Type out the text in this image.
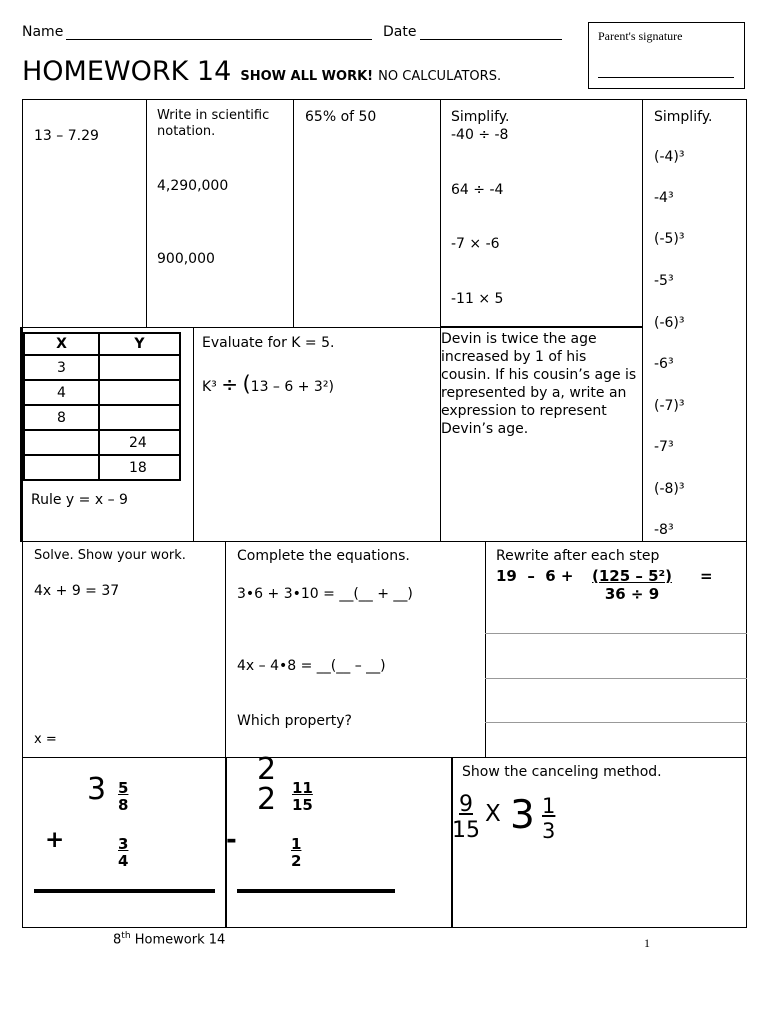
Name	Date
HOMEWORK 14 SHOW ALL WORK! NO CALCULATORS.
Parent's signature
13 – 7.29
Write in scientific notation.
4,290,000
900,000
65% of 50	Simplify.
-40 ÷ -8
64 ÷ -4
-7 × -6
-11 × 5
Simplify.
(-4)³
-4³
(-5)³
-5³
(-6)³
-6³
(-7)³
-7³
(-8)³
-8³
X	Y
3	
4	
8	
	24
	18
Rule y = x – 9
Evaluate for K = 5.
K³ ÷ (13 – 6 + 3²)
Devin is twice the age increased by 1 of his cousin. If his cousin’s age is represented by a, write an expression to represent Devin’s age.
Solve. Show your work.
4x + 9 = 37
x =
Complete the equations.
3•6 + 3•10 = __(__ + __)
4x – 4•8 = __(__ – __)
Which property?
Rewrite after each step
$19 - 6 + \frac{\text{(125 – 5²)}}{36 \div 9}$ =
$3 \frac{5}{8}$
+	$\frac{3}{4}$
2
$2 \frac{11}{15}$
-	$\frac{1}{2}$
Show the canceling method.
$\frac{9}{15}$ X $3 \frac{1}{3}$
8th Homework 14	1
